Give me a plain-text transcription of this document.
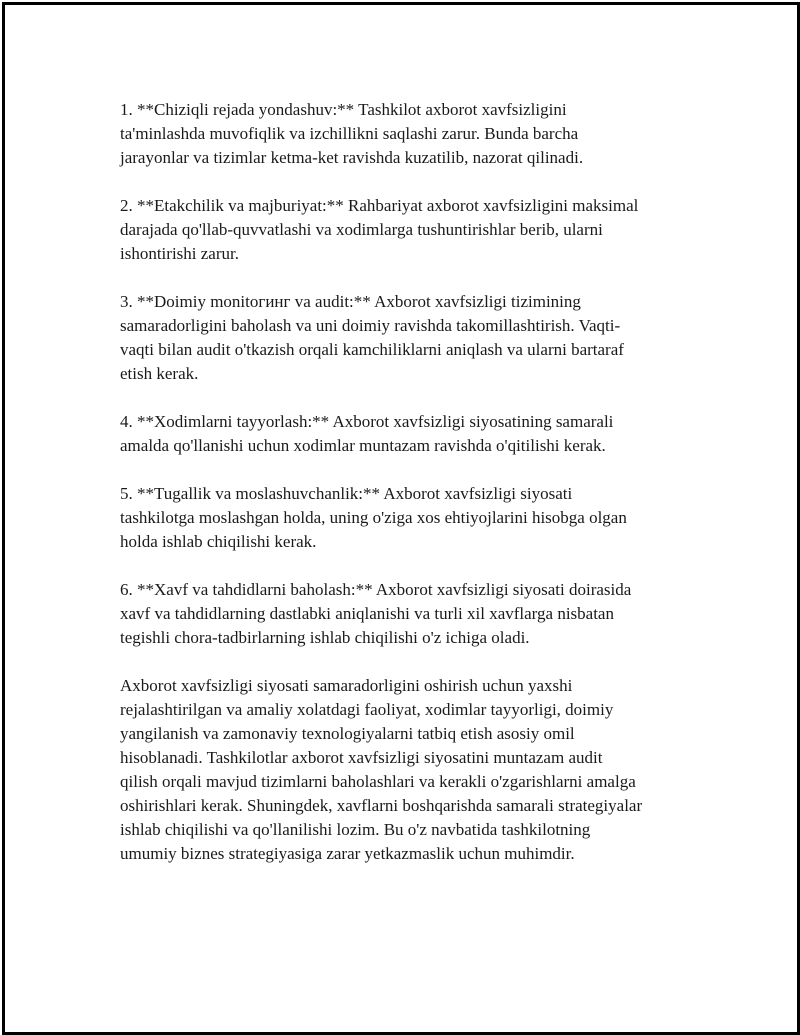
1. **Chiziqli rejada yondashuv:** Tashkilot axborot xavfsizligini
ta'minlashda muvofiqlik va izchillikni saqlashi zarur. Bunda barcha
jarayonlar va tizimlar ketma-ket ravishda kuzatilib, nazorat qilinadi.

2. **Etakchilik va majburiyat:** Rahbariyat axborot xavfsizligini maksimal
darajada qo'llab-quvvatlashi va xodimlarga tushuntirishlar berib, ularni
ishontirishi zarur.

3. **Doimiy monitoгинг va audit:** Axborot xavfsizligi tizimining
samaradorligini baholash va uni doimiy ravishda takomillashtirish. Vaqti-
vaqti bilan audit o'tkazish orqali kamchiliklarni aniqlash va ularni bartaraf
etish kerak.

4. **Xodimlarni tayyorlash:** Axborot xavfsizligi siyosatining samarali
amalda qo'llanishi uchun xodimlar muntazam ravishda o'qitilishi kerak.

5. **Tugallik va moslashuvchanlik:** Axborot xavfsizligi siyosati
tashkilotga moslashgan holda, uning o'ziga xos ehtiyojlarini hisobga olgan
holda ishlab chiqilishi kerak.

6. **Xavf va tahdidlarni baholash:** Axborot xavfsizligi siyosati doirasida
xavf va tahdidlarning dastlabki aniqlanishi va turli xil xavflarga nisbatan
tegishli chora-tadbirlarning ishlab chiqilishi o'z ichiga oladi.

Axborot xavfsizligi siyosati samaradorligini oshirish uchun yaxshi
rejalashtirilgan va amaliy xolatdagi faoliyat, xodimlar tayyorligi, doimiy
yangilanish va zamonaviy texnologiyalarni tatbiq etish asosiy omil
hisoblanadi. Tashkilotlar axborot xavfsizligi siyosatini muntazam audit
qilish orqali mavjud tizimlarni baholashlari va kerakli o'zgarishlarni amalga
oshirishlari kerak. Shuningdek, xavflarni boshqarishda samarali strategiyalar
ishlab chiqilishi va qo'llanilishi lozim. Bu o'z navbatida tashkilotning
umumiy biznes strategiyasiga zarar yetkazmaslik uchun muhimdir.
